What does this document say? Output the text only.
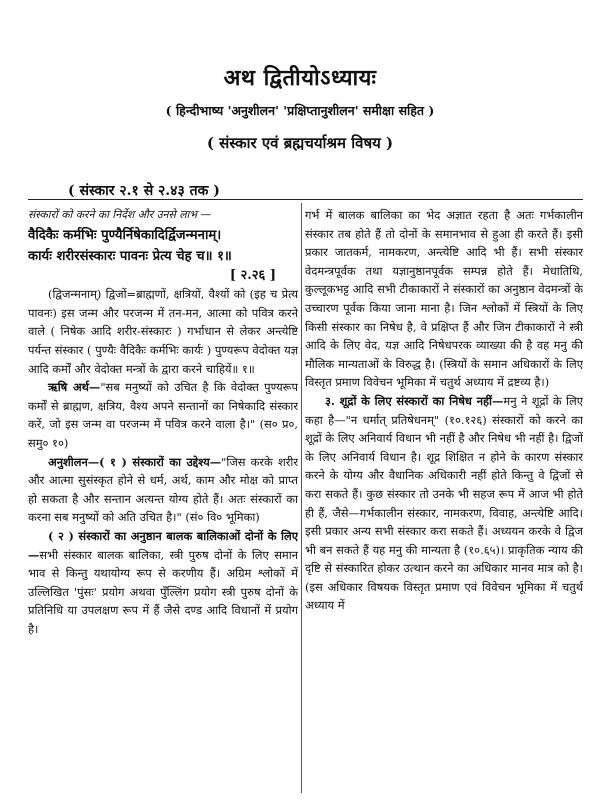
अथ द्वितीयोऽध्यायः
( हिन्दीभाष्य 'अनुशीलन' 'प्रक्षिप्तानुशीलन' समीक्षा सहित )
( संस्कार एवं ब्रह्मचर्याश्रम विषय )
( संस्कार २.१ से २.४३ तक )

संस्कारों को करने का निर्देश और उनसे लाभ —

वैदिकैः कर्मभिः पुण्यैर्निषेकादिर्द्विजन्मनाम्।

कार्यः शरीरसंस्कारः पावनः प्रेत्य चेह च॥ १॥

[ २.२६ ]

(द्विजन्मनाम्) द्विजों=ब्राह्मणों, क्षत्रियों, वैश्यों को (इह च प्रेत्य पावनः) इस जन्म और परजन्म में तन-मन, आत्मा को पवित्र करने वाले ( निषेक आदि शरीर-संस्कारः ) गर्भाधान से लेकर अन्त्येष्टि पर्यन्त संस्कार ( पुण्यैः वैदिकैः कर्मभिः कार्यः ) पुण्यरूप वेदोक्त यज्ञ आदि कर्मों और वेदोक्त मन्त्रों के द्वारा करने चाहियें॥ १॥

ऋषि अर्थ—"सब मनुष्यों को उचित है कि वेदोक्त पुण्यरूप कर्मों से ब्राह्मण, क्षत्रिय, वैश्य अपने सन्तानों का निषेकादि संस्कार करें, जो इस जन्म वा परजन्म में पवित्र करने वाला है।" (स० प्र०, समु० १०)

अनुशीलन—( १ ) संस्कारों का उद्देश्य—"जिस करके शरीर और आत्मा सुसंस्कृत होने से धर्म, अर्थ, काम और मोक्ष को प्राप्त हो सकता है और सन्तान अत्यन्त योग्य होते हैं। अतः संस्कारों का करना सब मनुष्यों को अति उचित है।" (सं० वि० भूमिका)

( २ ) संस्कारों का अनुष्ठान बालक बालिकाओं दोनों के लिए—सभी संस्कार बालक बालिका, स्त्री पुरुष दोनों के लिए समान भाव से किन्तु यथायोग्य रूप से करणीय हैं। अग्रिम श्लोकों में उल्लिखित 'पुंसः' प्रयोग अथवा पुँल्लिंग प्रयोग स्त्री पुरुष दोनों के प्रतिनिधि या उपलक्षण रूप में हैं जैसे दण्ड आदि विधानों में प्रयोग है।

गर्भ में बालक बालिका का भेद अज्ञात रहता है अतः गर्भकालीन संस्कार तब होते हैं तो दोनों के समानभाव से हुआ ही करते हैं। इसी प्रकार जातकर्म, नामकरण, अन्त्येष्टि आदि भी हैं। सभी संस्कार वेदमन्त्रपूर्वक तथा यज्ञानुष्ठानपूर्वक सम्पन्न होते हैं। मेधातिथि, कुल्लूकभट्ट आदि सभी टीकाकारों ने संस्कारों का अनुष्ठान वेदमन्त्रों के उच्चारण पूर्वक किया जाना माना है। जिन श्लोकों में स्त्रियों के लिए किसी संस्कार का निषेध है, वे प्रक्षिप्त हैं और जिन टीकाकारों ने स्त्री आदि के लिए वेद, यज्ञ आदि निषेधपरक व्याख्या की है वह मनु की मौलिक मान्यताओं के विरुद्ध है। (स्त्रियों के समान अधिकारों के लिए विस्तृत प्रमाण विवेचन भूमिका में चतुर्थ अध्याय में द्रष्टव्य है।)

३. शूद्रों के लिए संस्कारों का निषेध नहीं—मनु ने शूद्रों के लिए कहा है—"न धर्मात् प्रतिषेधनम्" (१०.१२६) संस्कारों को करने का शूद्रों के लिए अनिवार्य विधान भी नहीं है और निषेध भी नहीं है। द्विजों के लिए अनिवार्य विधान है। शूद्र शिक्षित न होने के कारण संस्कार करने के योग्य और वैधानिक अधिकारी नहीं होते किन्तु वे द्विजों से करा सकते हैं। कुछ संस्कार तो उनके भी सहज रूप में आज भी होते ही हैं, जैसे—गर्भकालीन संस्कार, नामकरण, विवाह, अन्त्येष्टि आदि। इसी प्रकार अन्य सभी संस्कार करा सकते हैं। अध्ययन करके वे द्विज भी बन सकते हैं यह मनु की मान्यता है (१०.६५)। प्राकृतिक न्याय की दृष्टि से संस्कारित होकर उत्थान करने का अधिकार मानव मात्र को है। (इस अधिकार विषयक विस्तृत प्रमाण एवं विवेचन भूमिका में चतुर्थ अध्याय में
